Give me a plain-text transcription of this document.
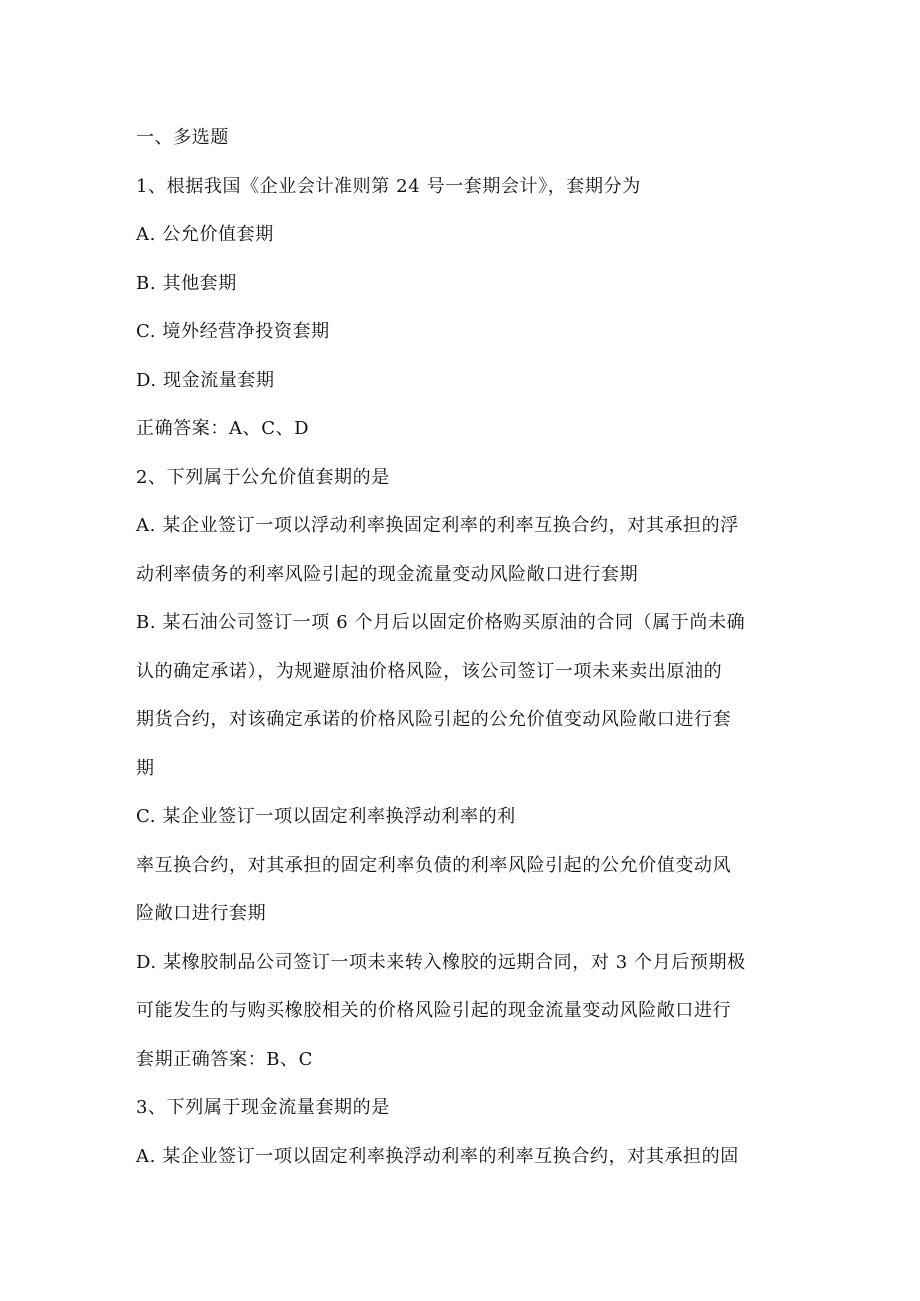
一、多选题
1、根据我国《企业会计准则第 24 号一套期会计》，套期分为
A. 公允价值套期
B. 其他套期
C. 境外经营净投资套期
D. 现金流量套期
正确答案：A、C、D
2、下列属于公允价值套期的是
A. 某企业签订一项以浮动利率换固定利率的利率互换合约，对其承担的浮
动利率债务的利率风险引起的现金流量变动风险敞口进行套期
B. 某石油公司签订一项 6 个月后以固定价格购买原油的合同（属于尚未确
认的确定承诺），为规避原油价格风险，该公司签订一项未来卖出原油的
期货合约，对该确定承诺的价格风险引起的公允价值变动风险敞口进行套
期
C. 某企业签订一项以固定利率换浮动利率的利
率互换合约，对其承担的固定利率负债的利率风险引起的公允价值变动风
险敞口进行套期
D. 某橡胶制品公司签订一项未来转入橡胶的远期合同，对 3 个月后预期极
可能发生的与购买橡胶相关的价格风险引起的现金流量变动风险敞口进行
套期正确答案：B、C
3、下列属于现金流量套期的是
A. 某企业签订一项以固定利率换浮动利率的利率互换合约，对其承担的固
